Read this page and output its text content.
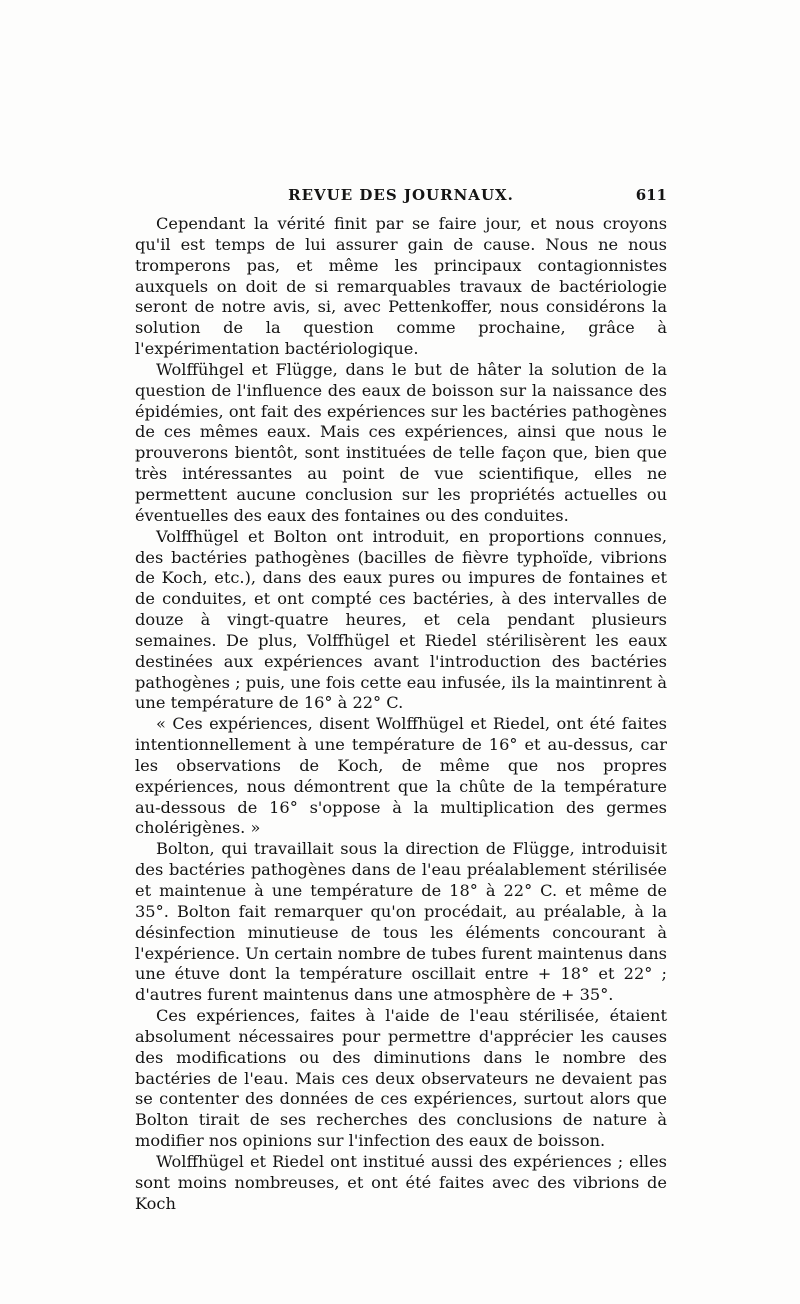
REVUE DES JOURNAUX.	611

Cependant la vérité finit par se faire jour, et nous croyons qu'il est temps de lui assurer gain de cause. Nous ne nous tromperons pas, et même les principaux contagionnistes auxquels on doit de si remarquables travaux de bactériologie seront de notre avis, si, avec Pettenkoffer, nous considérons la solution de la question comme prochaine, grâce à l'expérimentation bactériologique.

Wolffühgel et Flügge, dans le but de hâter la solution de la question de l'influence des eaux de boisson sur la naissance des épidémies, ont fait des expériences sur les bactéries pathogènes de ces mêmes eaux. Mais ces expériences, ainsi que nous le prouverons bientôt, sont instituées de telle façon que, bien que très intéressantes au point de vue scientifique, elles ne permettent aucune conclusion sur les propriétés actuelles ou éventuelles des eaux des fontaines ou des conduites.

Volffhügel et Bolton ont introduit, en proportions connues, des bactéries pathogènes (bacilles de fièvre typhoïde, vibrions de Koch, etc.), dans des eaux pures ou impures de fontaines et de conduites, et ont compté ces bactéries, à des intervalles de douze à vingt-quatre heures, et cela pendant plusieurs semaines. De plus, Volffhügel et Riedel stérilisèrent les eaux destinées aux expériences avant l'introduction des bactéries pathogènes ; puis, une fois cette eau infusée, ils la maintinrent à une température de 16° à 22° C.

« Ces expériences, disent Wolffhügel et Riedel, ont été faites intentionnellement à une température de 16° et au-dessus, car les observations de Koch, de même que nos propres expériences, nous démontrent que la chûte de la température au-dessous de 16° s'oppose à la multiplication des germes cholérigènes. »

Bolton, qui travaillait sous la direction de Flügge, introduisit des bactéries pathogènes dans de l'eau préalablement stérilisée et maintenue à une température de 18° à 22° C. et même de 35°. Bolton fait remarquer qu'on procédait, au préalable, à la désinfection minutieuse de tous les éléments concourant à l'expérience. Un certain nombre de tubes furent maintenus dans une étuve dont la température oscillait entre + 18° et 22° ; d'autres furent maintenus dans une atmosphère de + 35°.

Ces expériences, faites à l'aide de l'eau stérilisée, étaient absolument nécessaires pour permettre d'apprécier les causes des modifications ou des diminutions dans le nombre des bactéries de l'eau. Mais ces deux observateurs ne devaient pas se contenter des données de ces expériences, surtout alors que Bolton tirait de ses recherches des conclusions de nature à modifier nos opinions sur l'infection des eaux de boisson.

Wolffhügel et Riedel ont institué aussi des expériences ; elles sont moins nombreuses, et ont été faites avec des vibrions de Koch
